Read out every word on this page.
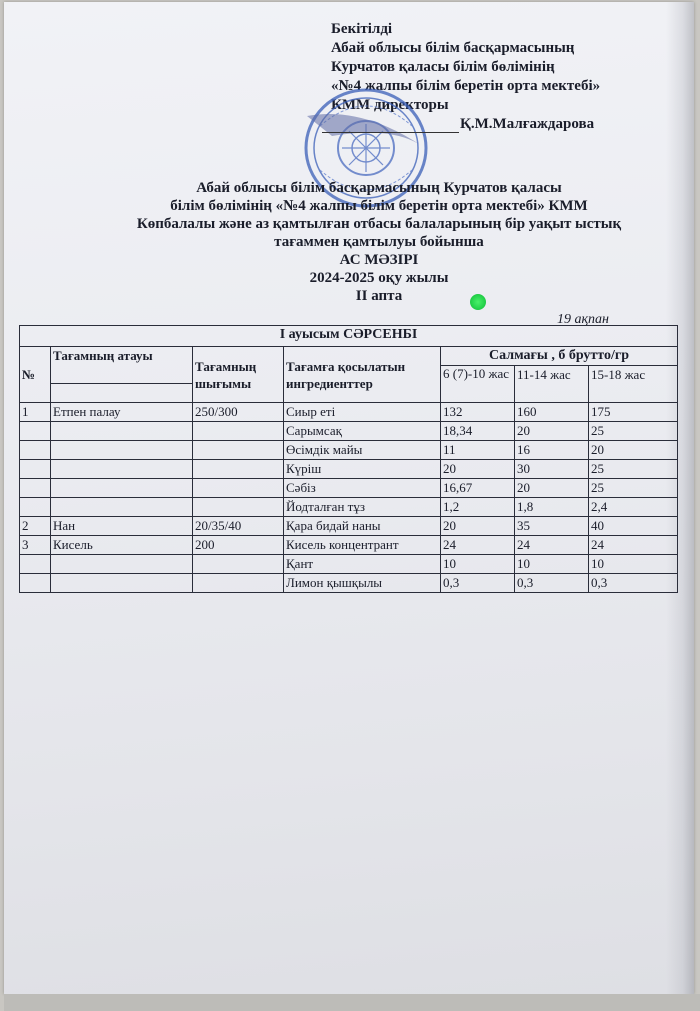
Бекітілді
Абай облысы білім басқармасының
Курчатов қаласы білім бөлімінің
«№4 жалпы білім беретін орта мектебі»
КММ директоры
Қ.М.Малғаждарова
Абай облысы білім басқармасының Курчатов қаласы
білім бөлімінің «№4 жалпы білім беретін орта мектебі» КММ
Көпбалалы және аз қамтылған отбасы балаларының бір уақыт ыстық
тағаммен қамтылуы бойынша
АС МӘЗІРІ
2024-2025 оқу жылы
ІІ апта
19 ақпан
І ауысым СӘРСЕНБІ						
№	Тағамның атауы	Тағамның шығымы	Тағамға қосылатын ингредиенттер	Салмағы , б брутто/гр		
				6 (7)-10 жас	11-14 жас	15-18 жас

1	Етпен палау	250/300	Сиыр еті	132	160	175
			Сарымсақ	18,34	20	25
			Өсімдік майы	11	16	20
			Күріш	20	30	25
			Сәбіз	16,67	20	25
			Йодталған тұз	1,2	1,8	2,4
2	Нан	20/35/40	Қара бидай наны	20	35	40
3	Кисель	200	Кисель концентрант	24	24	24
			Қант	10	10	10
			Лимон қышқылы	0,3	0,3	0,3
